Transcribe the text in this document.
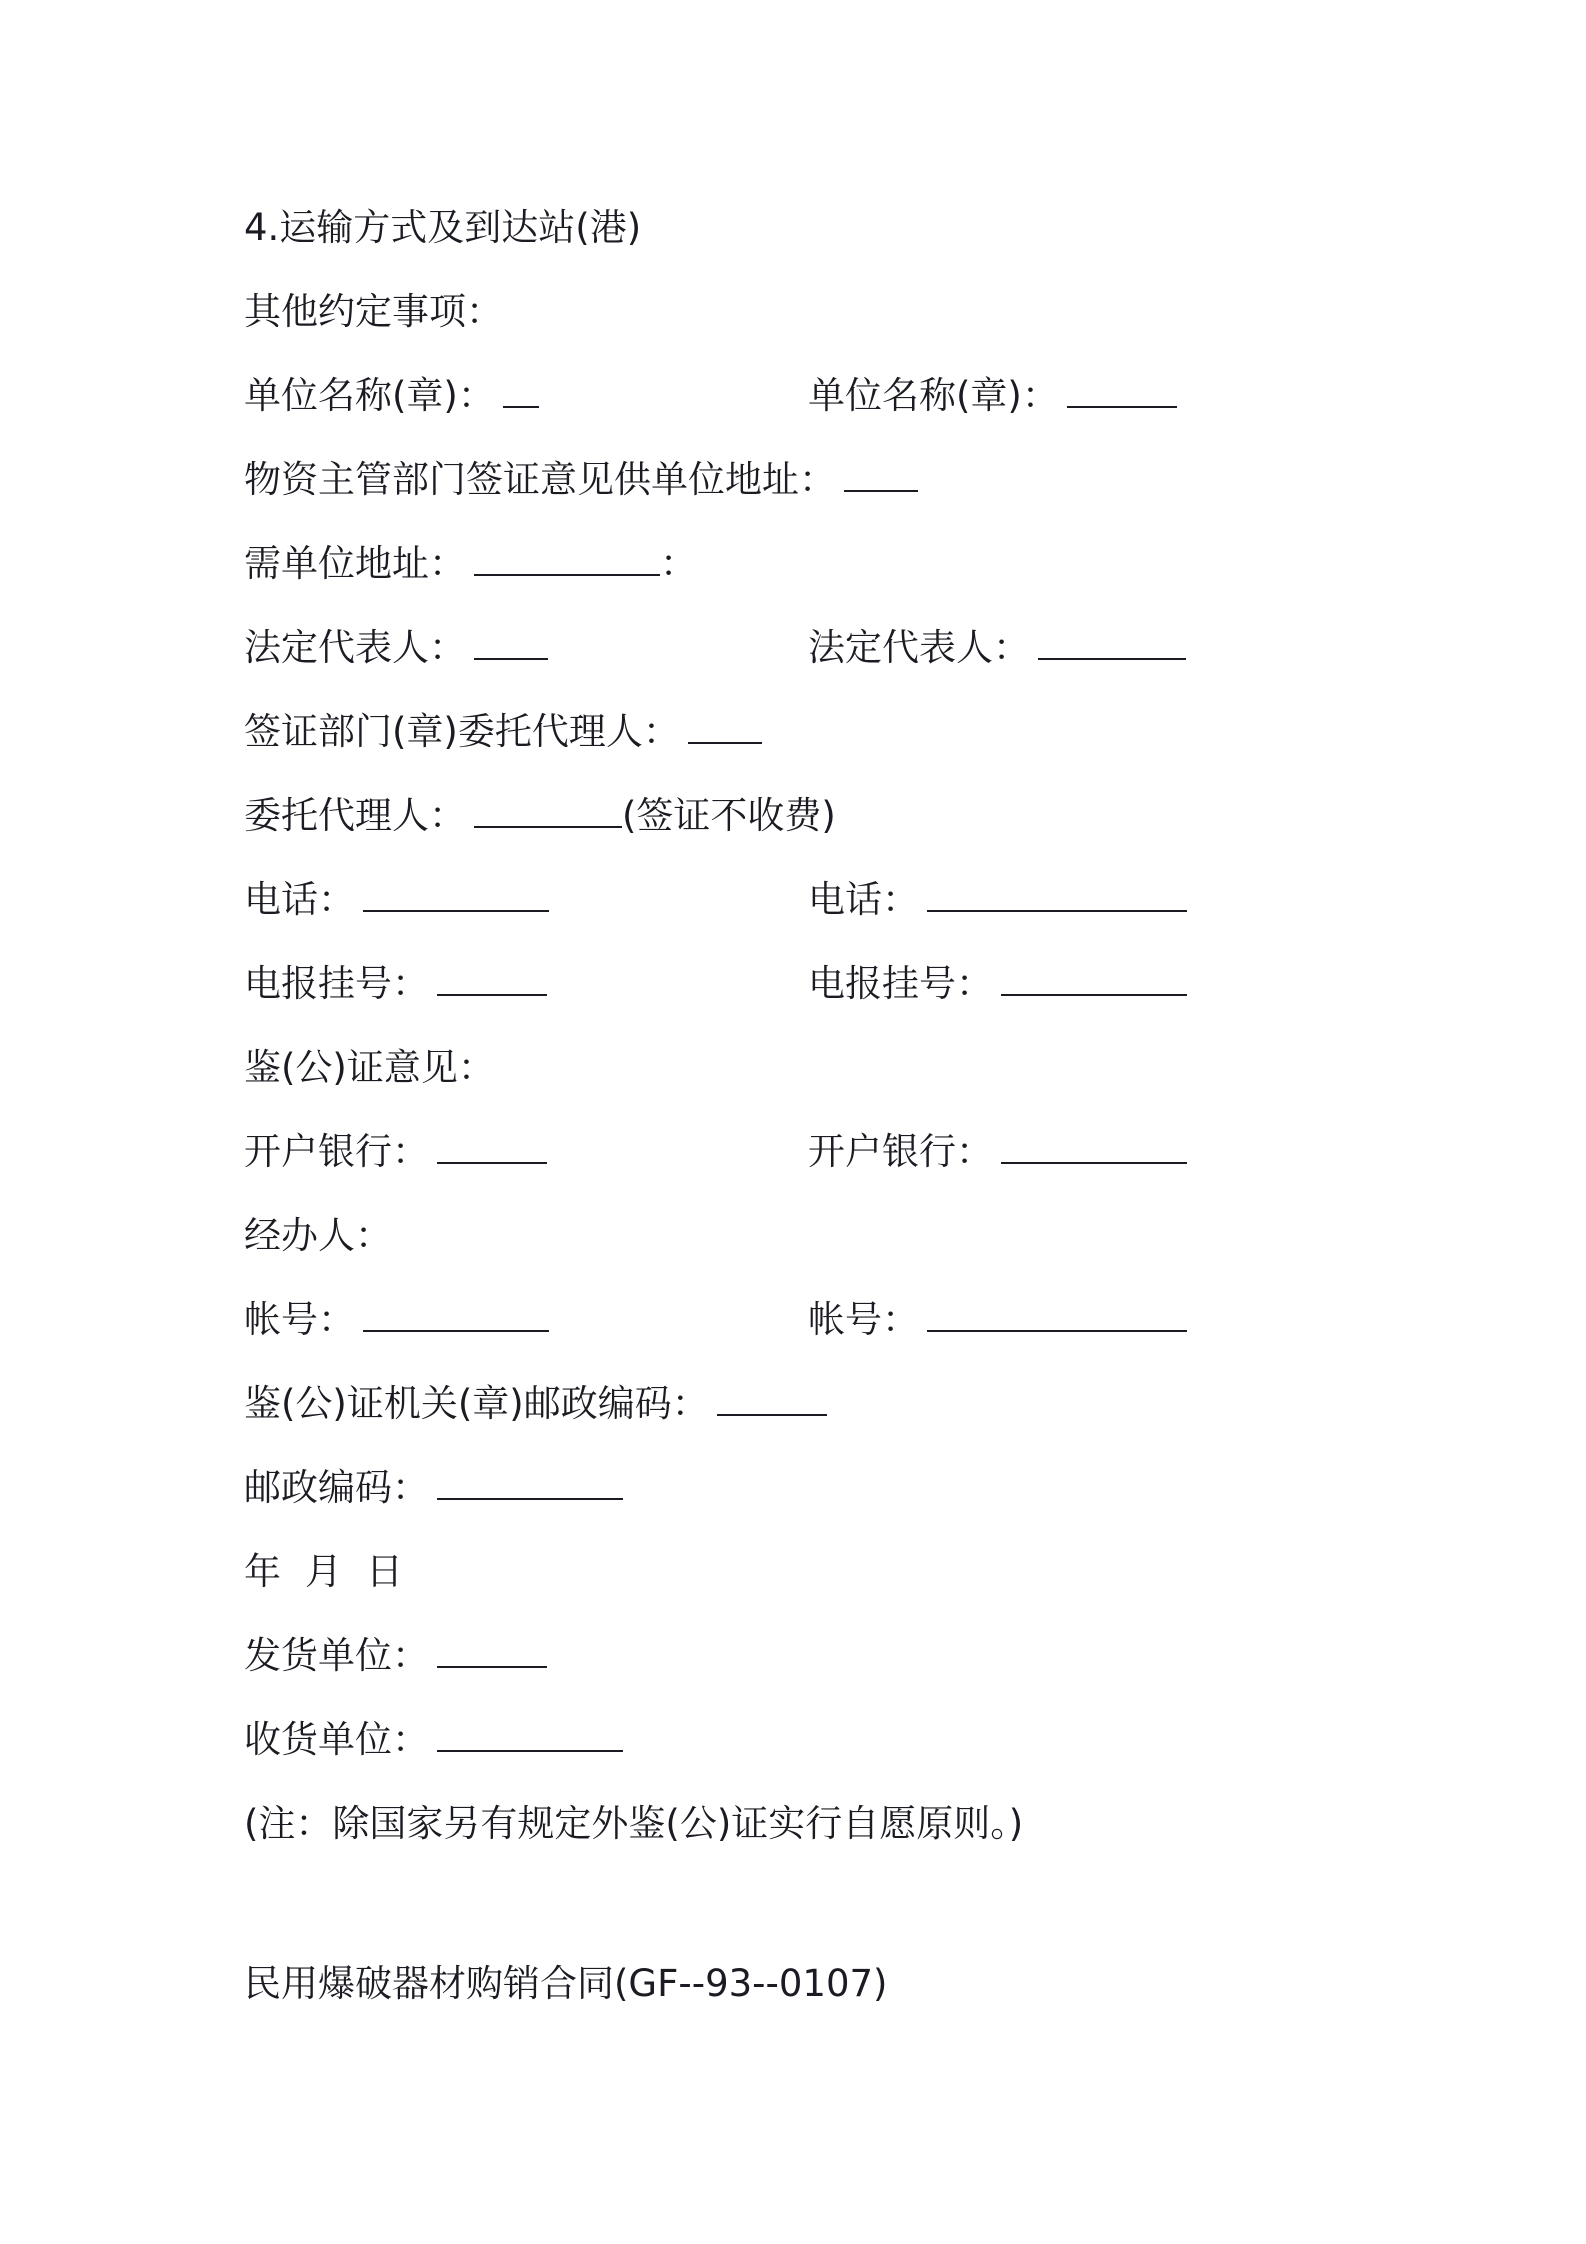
4.运输方式及到达站(港)
其他约定事项：
单位名称(章)：	单位名称(章)：
物资主管部门签证意见供单位地址：
需单位地址：	：
法定代表人：	法定代表人：
签证部门(章)委托代理人：
委托代理人：	(签证不收费)
电话：	电话：
电报挂号：	电报挂号：
鉴(公)证意见：
开户银行：	开户银行：
经办人：
帐号：	帐号：
鉴(公)证机关(章)邮政编码：
邮政编码：
年 月 日
发货单位：
收货单位：
(注：除国家另有规定外鉴(公)证实行自愿原则。)
民用爆破器材购销合同(GF--93--0107)
